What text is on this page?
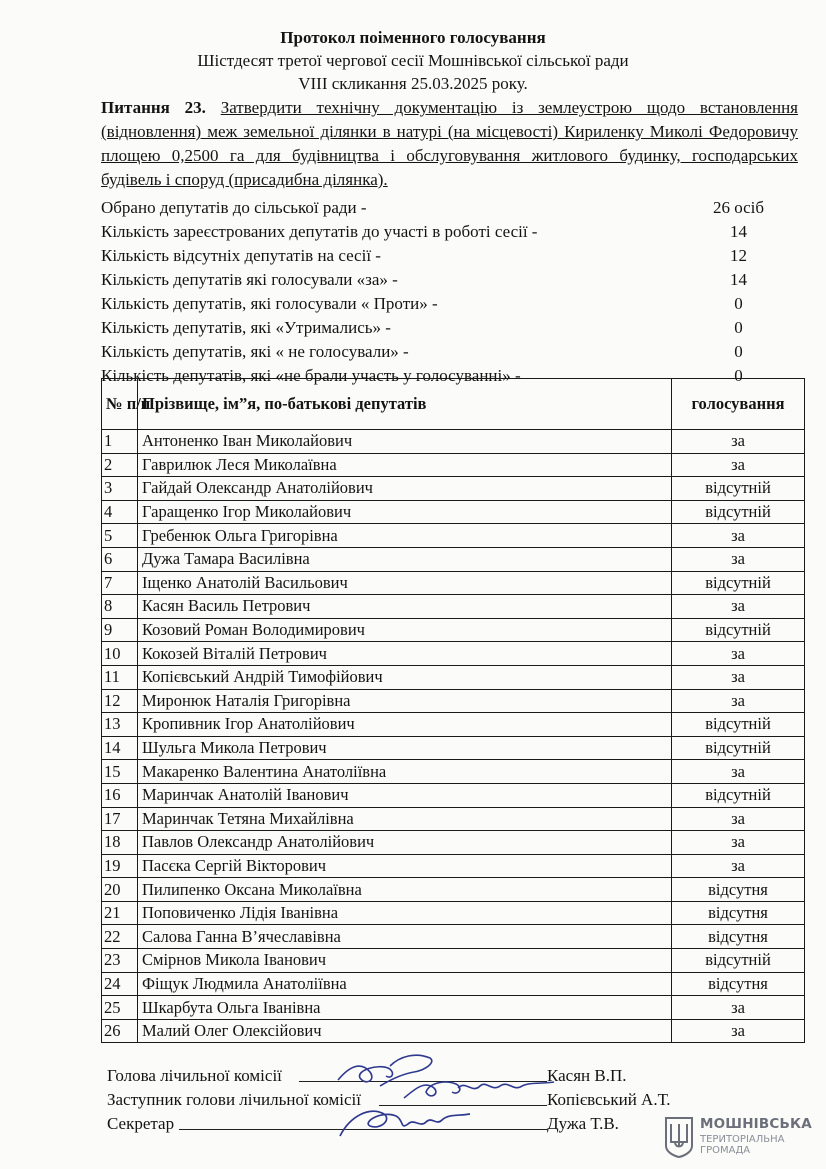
Протокол поіменного голосування
Шістдесят третої чергової сесії Мошнівської сільської ради
VIII скликання 25.03.2025 року.
Питання 23. Затвердити технічну документацію із землеустрою щодо встановлення (відновлення) меж земельної ділянки в натурі (на місцевості) Кириленку Миколі Федоровичу площею 0,2500 га для будівництва і обслуговування житлового будинку, господарських будівель і споруд (присадибна ділянка).
Обрано депутатів до сільської ради -	26 осіб
Кількість зареєстрованих депутатів до участі в роботі сесії -	14
Кількість відсутніх депутатів на сесії -	12
Кількість депутатів які голосували «за» -	14
Кількість депутатів, які голосували « Проти» -	0
Кількість депутатів, які «Утримались» -	0
Кількість депутатів, які « не голосували» -	0
Кількість депутатів, які «не брали участь у голосуванні» -	0
№ п/п	Прізвище, ім”я, по-батькові депутатів	голосування
1	Антоненко Іван Миколайович	за
2	Гаврилюк Леся Миколаївна	за
3	Гайдай Олександр Анатолійович	відсутній
4	Гаращенко Ігор Миколайович	відсутній
5	Гребенюк Ольга Григорівна	за
6	Дужа Тамара Василівна	за
7	Іщенко Анатолій Васильович	відсутній
8	Касян Василь Петрович	за
9	Козовий Роман Володимирович	відсутній
10	Кокозей Віталій Петрович	за
11	Копієвський Андрій Тимофійович	за
12	Миронюк Наталія Григорівна	за
13	Кропивник Ігор Анатолійович	відсутній
14	Шульга Микола Петрович	відсутній
15	Макаренко Валентина Анатоліївна	за
16	Маринчак Анатолій Іванович	відсутній
17	Маринчак Тетяна Михайлівна	за
18	Павлов Олександр Анатолійович	за
19	Пасєка Сергій Вікторович	за
20	Пилипенко Оксана Миколаївна	відсутня
21	Поповиченко Лідія Іванівна	відсутня
22	Салова Ганна В’ячеславівна	відсутня
23	Смірнов Микола Іванович	відсутній
24	Фіщук Людмила Анатоліївна	відсутня
25	Шкарбута Ольга Іванівна	за
26	Малий Олег Олексійович	за
Голова лічильної комісії	Касян В.П.
Заступник голови лічильної комісії	Копієвський А.Т.
Секретар	Дужа Т.В.	МОШНІВСЬКА
ТЕРИТОРІАЛЬНА
ГРОМАДА
